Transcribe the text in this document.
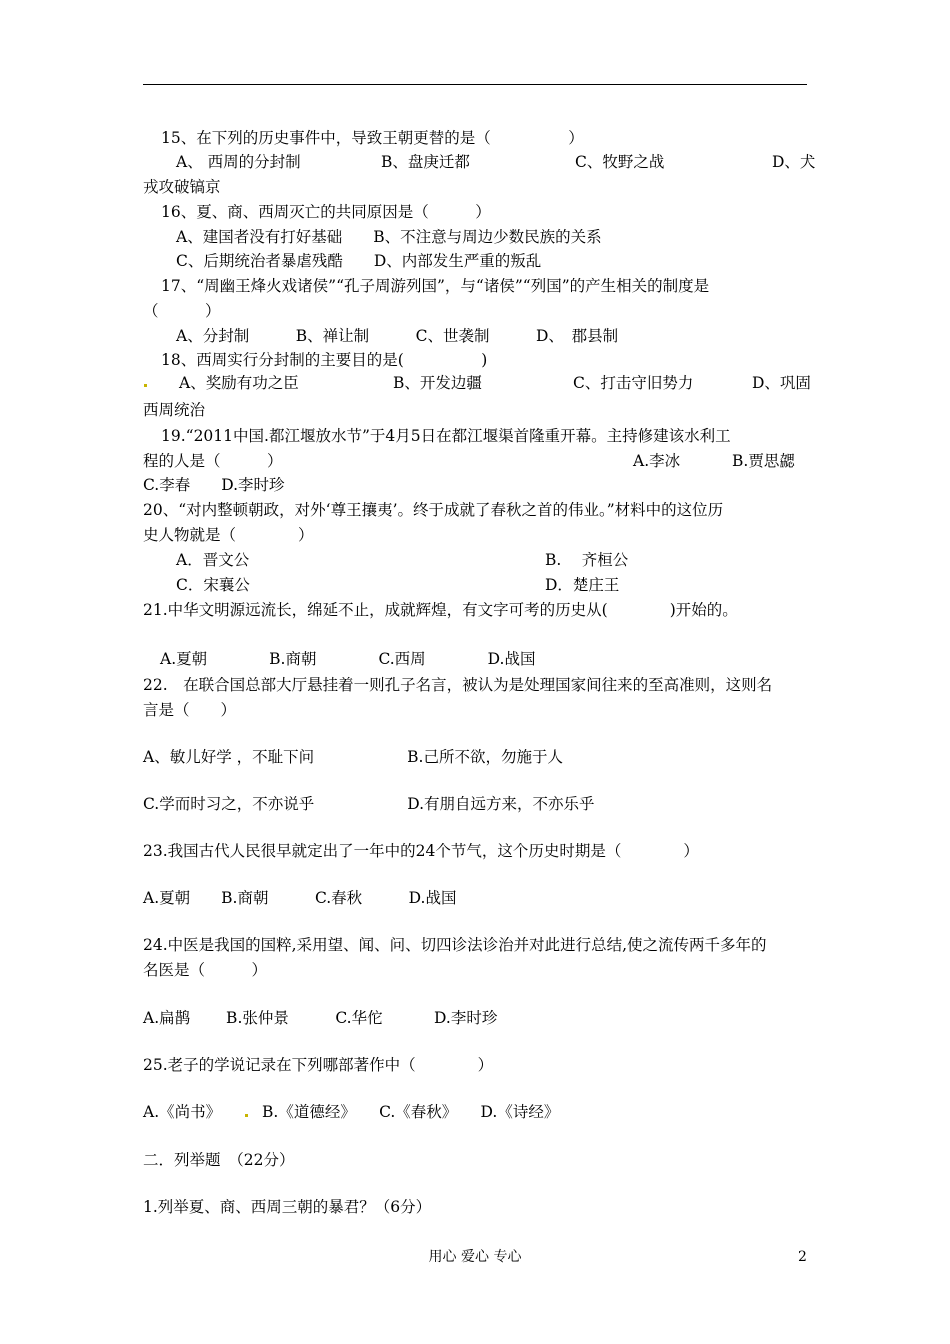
15、在下列的历史事件中，导致王朝更替的是（　　　　　）
A、 西周的分封制	B、盘庚迁都	C、牧野之战	D、犬
戎攻破镐京
16、夏、商、西周灭亡的共同原因是（　　　）
A、建国者没有打好基础　　B、不注意与周边少数民族的关系
C、后期统治者暴虐残酷　　D、内部发生严重的叛乱
17、“周幽王烽火戏诸侯”“孔子周游列国”，与“诸侯”“列国”的产生相关的制度是
（　　　）
A、分封制　　　B、禅让制　　　C、世袭制　　　D、　郡县制
18、西周实行分封制的主要目的是(　　　　　)
A、奖励有功之臣	B、开发边疆	C、打击守旧势力	D、巩固
西周统治
19.“2011中国.都江堰放水节”于4月5日在都江堰渠首隆重开幕。主持修建该水利工
程的人是（　　　）	A.李冰	B.贾思勰
C.李春　　D.李时珍
20、“对内整顿朝政，对外‘尊王攘夷’。终于成就了春秋之首的伟业。”材料中的这位历
史人物就是（　　　　）
A．晋文公	B.　 齐桓公
C．宋襄公	D．楚庄王
21.中华文明源远流长，绵延不止，成就辉煌，有文字可考的历史从(　　　　)开始的。
A.夏朝　　　　B.商朝　　　　C.西周　　　　D.战国
22.　在联合国总部大厅悬挂着一则孔子名言，被认为是处理国家间往来的至高准则，这则名
言是（　　）
A、敏儿好学 ，不耻下问　　　　　　B.己所不欲，勿施于人
C.学而时习之，不亦说乎　　　　　　D.有朋自远方来，不亦乐乎
23.我国古代人民很早就定出了一年中的24个节气，这个历史时期是（　　　　）
A.夏朝　　B.商朝　　　C.春秋　　　D.战国
24.中医是我国的国粹,采用望、闻、问、切四诊法诊治并对此进行总结,使之流传两千多年的
名医是（　　　）
A.扁鹊　　 B.张仲景　　　C.华佗　　　 D.李时珍
25.老子的学说记录在下列哪部著作中（　　　　）
A.《尚书》	B.《道德经》　　C.《春秋》　　D.《诗经》
二．列举题　（22分）
1.列举夏、商、西周三朝的暴君？（6分）
用心 爱心 专心	2
